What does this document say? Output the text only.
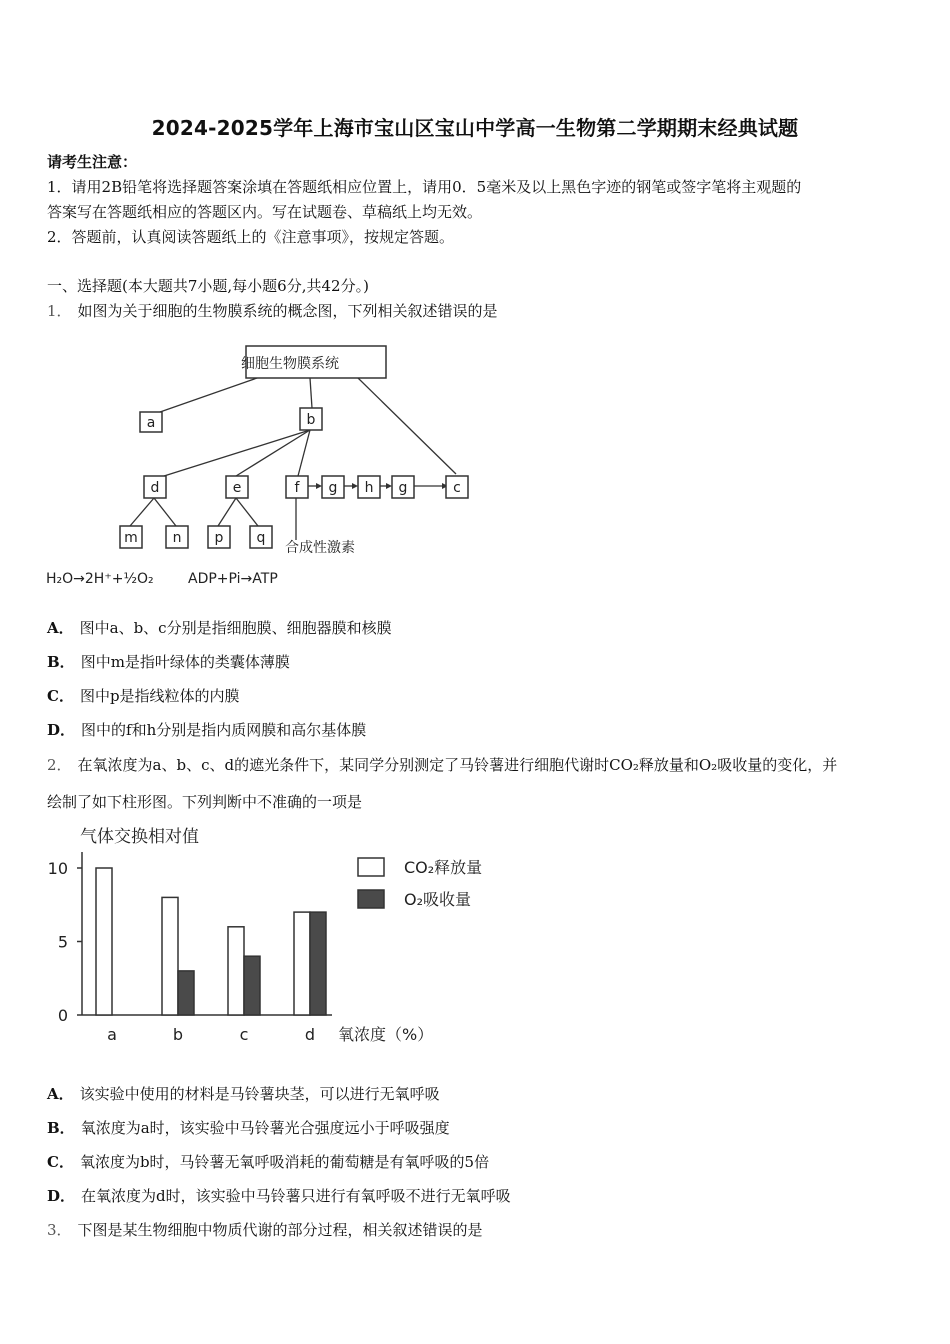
2024-2025学年上海市宝山区宝山中学高一生物第二学期期末经典试题
请考生注意：
1．请用2B铅笔将选择题答案涂填在答题纸相应位置上，请用0．5毫米及以上黑色字迹的钢笔或签字笔将主观题的
答案写在答题纸相应的答题区内。写在试题卷、草稿纸上均无效。
2．答题前，认真阅读答题纸上的《注意事项》，按规定答题。
一、选择题(本大题共7小题,每小题6分,共42分。)
1． 如图为关于细胞的生物膜系统的概念图，下列相关叙述错误的是
细胞生物膜系统
a	b
d	e	f g h g	c
m n p q
合成性激素
H₂O→2H⁺+½O₂ ADP+Pi→ATP
A． 图中a、b、c分别是指细胞膜、细胞器膜和核膜
B． 图中m是指叶绿体的类囊体薄膜
C． 图中p是指线粒体的内膜
D． 图中的f和h分别是指内质网膜和高尔基体膜
2． 在氧浓度为a、b、c、d的遮光条件下，某同学分别测定了马铃薯进行细胞代谢时CO₂释放量和O₂吸收量的变化，并
绘制了如下柱形图。下列判断中不准确的一项是
气体交换相对值
氧浓度（%）
a	b	c	d
0
5
10	CO₂释放量
O₂吸收量
A． 该实验中使用的材料是马铃薯块茎，可以进行无氧呼吸
B． 氧浓度为a时，该实验中马铃薯光合强度远小于呼吸强度
C． 氧浓度为b时，马铃薯无氧呼吸消耗的葡萄糖是有氧呼吸的5倍
D． 在氧浓度为d时，该实验中马铃薯只进行有氧呼吸不进行无氧呼吸
3． 下图是某生物细胞中物质代谢的部分过程，相关叙述错误的是
